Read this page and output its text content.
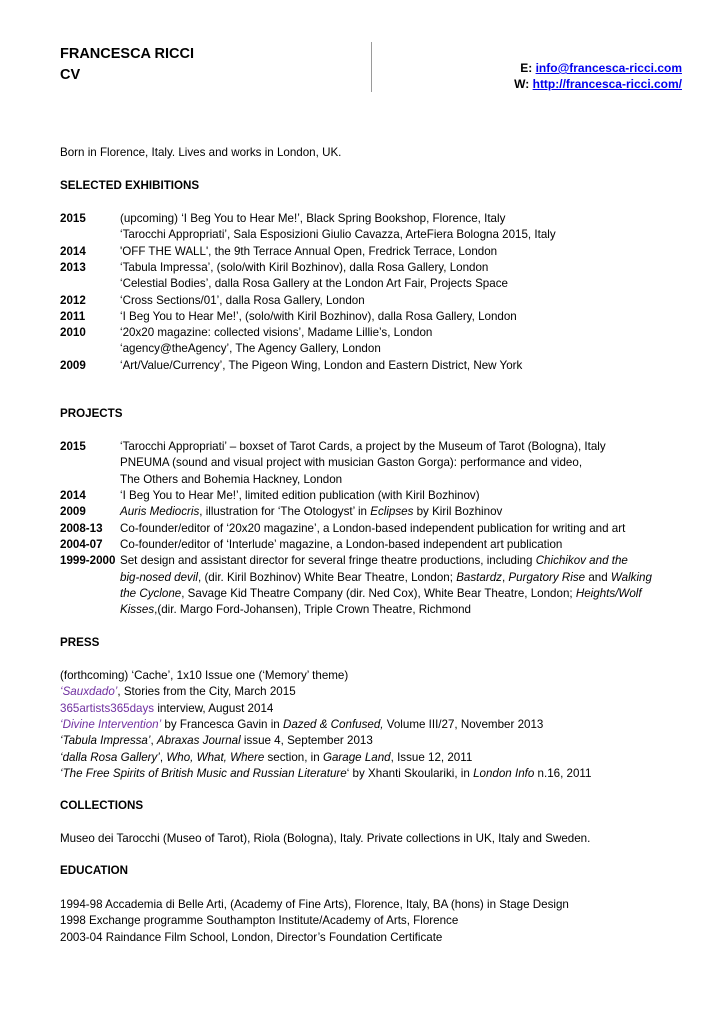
FRANCESCA RICCI
CV	E: info@francesca-ricci.com
W: http://francesca-ricci.com/
Born in Florence, Italy. Lives and works in London, UK.
SELECTED EXHIBITIONS
2015	(upcoming) ‘I Beg You to Hear Me!’, Black Spring Bookshop, Florence, Italy
‘Tarocchi Appropriati’, Sala Esposizioni Giulio Cavazza, ArteFiera Bologna 2015, Italy
2014	'OFF THE WALL', the 9th Terrace Annual Open, Fredrick Terrace, London
2013	‘Tabula Impressa’, (solo/with Kiril Bozhinov), dalla Rosa Gallery, London
‘Celestial Bodies’, dalla Rosa Gallery at the London Art Fair, Projects Space
2012	‘Cross Sections/01’, dalla Rosa Gallery, London
2011	‘I Beg You to Hear Me!’, (solo/with Kiril Bozhinov), dalla Rosa Gallery, London
2010	‘20x20 magazine: collected visions’, Madame Lillie’s, London
‘agency@theAgency’, The Agency Gallery, London
2009	‘Art/Value/Currency’, The Pigeon Wing, London and Eastern District, New York
PROJECTS
2015	‘Tarocchi Appropriati’ – boxset of Tarot Cards, a project by the Museum of Tarot (Bologna), Italy
PNEUMA (sound and visual project with musician Gaston Gorga): performance and video,
The Others and Bohemia Hackney, London
2014	‘I Beg You to Hear Me!’, limited edition publication (with Kiril Bozhinov)
2009	Auris Mediocris, illustration for ‘The Otologyst’ in Eclipses by Kiril Bozhinov
2008-13 Co-founder/editor of ‘20x20 magazine’, a London-based independent publication for writing and art
2004-07 Co-founder/editor of ‘Interlude’ magazine, a London-based independent art publication
1999-2000 Set design and assistant director for several fringe theatre productions, including Chichikov and the
big-nosed devil, (dir. Kiril Bozhinov) White Bear Theatre, London; Bastardz, Purgatory Rise and Walking
the Cyclone, Savage Kid Theatre Company (dir. Ned Cox), White Bear Theatre, London; Heights/Wolf
Kisses,(dir. Margo Ford-Johansen), Triple Crown Theatre, Richmond
PRESS
(forthcoming) ‘Cache’, 1x10 Issue one (‘Memory’ theme)
‘Sauxdado’, Stories from the City, March 2015
365artists365days interview, August 2014
‘Divine Intervention’ by Francesca Gavin in Dazed & Confused, Volume III/27, November 2013
‘Tabula Impressa’, Abraxas Journal issue 4, September 2013
‘dalla Rosa Gallery’, Who, What, Where section, in Garage Land, Issue 12, 2011
‘The Free Spirits of British Music and Russian Literature‘ by Xhanti Skoulariki, in London Info n.16, 2011
COLLECTIONS
Museo dei Tarocchi (Museo of Tarot), Riola (Bologna), Italy. Private collections in UK, Italy and Sweden.
EDUCATION
1994-98 Accademia di Belle Arti, (Academy of Fine Arts), Florence, Italy, BA (hons) in Stage Design
1998 Exchange programme Southampton Institute/Academy of Arts, Florence
2003-04 Raindance Film School, London, Director’s Foundation Certificate
